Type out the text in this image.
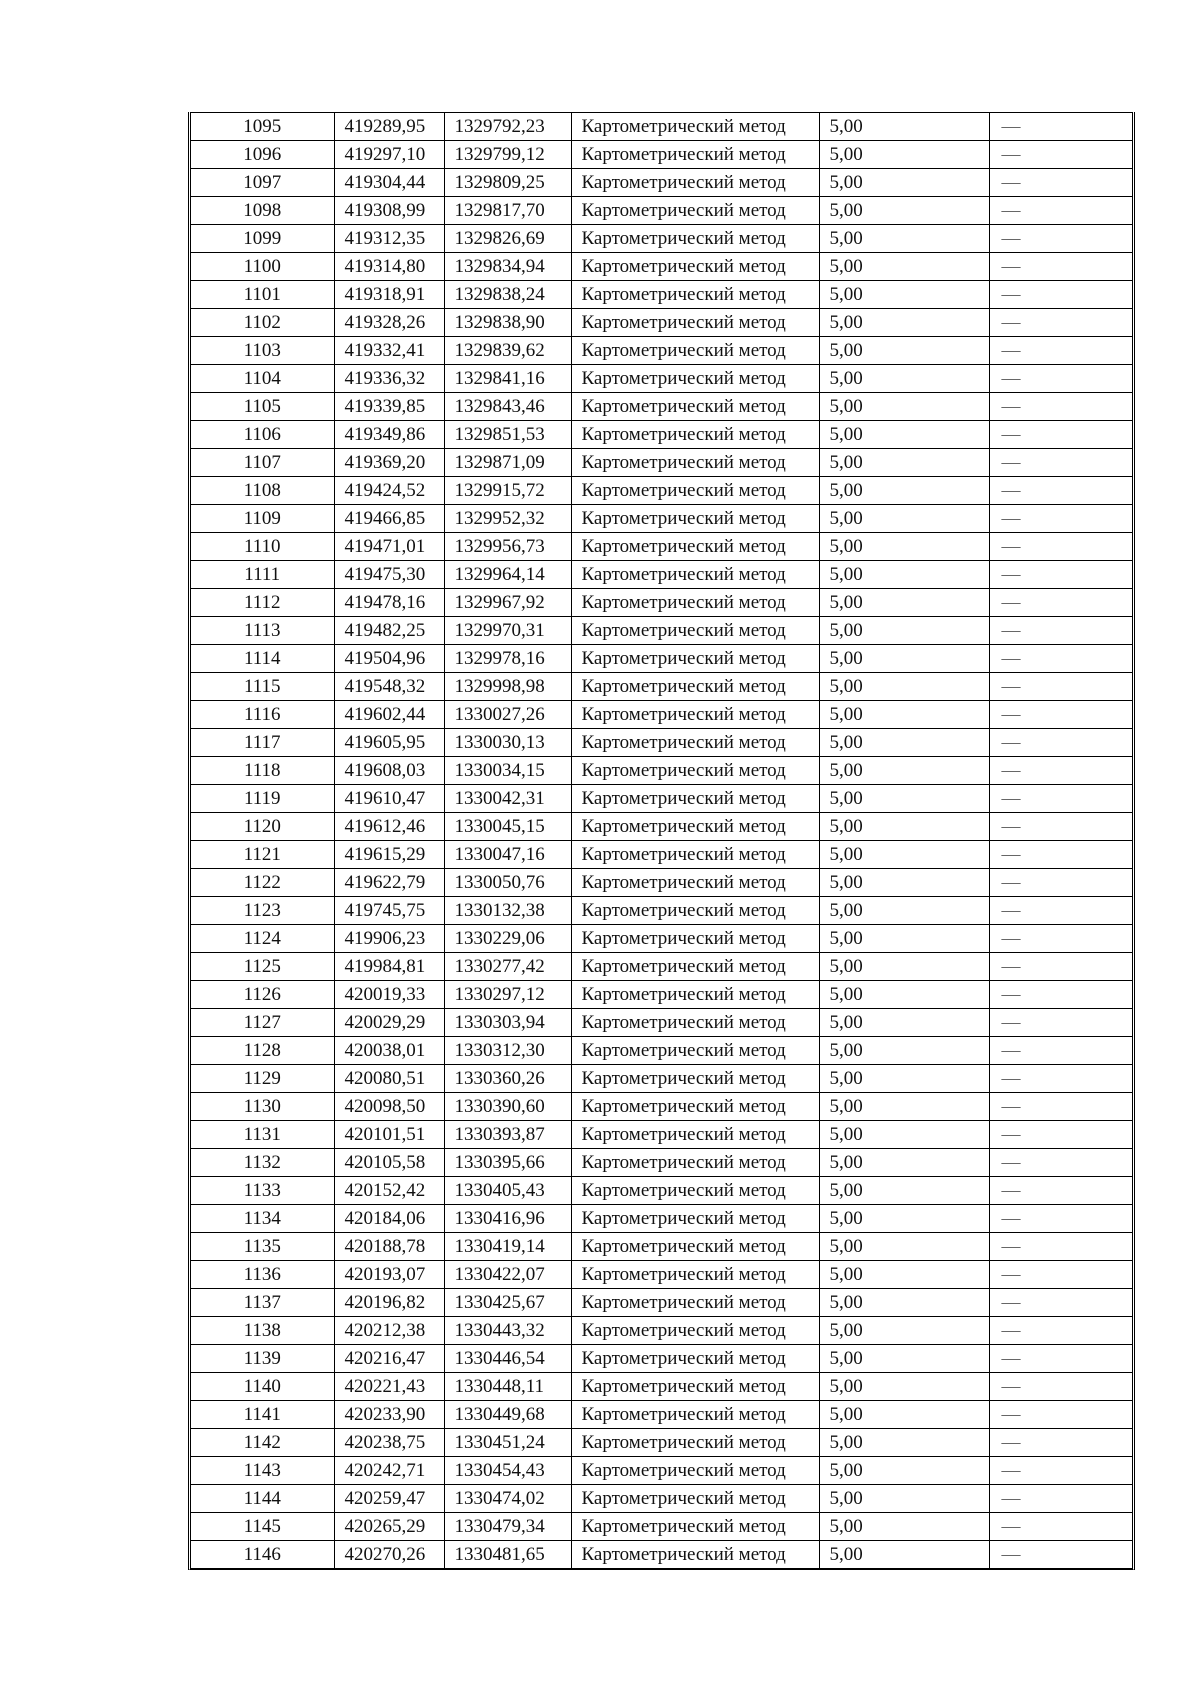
1095	419289,95	1329792,23	Картометрический метод	5,00	—
1096	419297,10	1329799,12	Картометрический метод	5,00	—
1097	419304,44	1329809,25	Картометрический метод	5,00	—
1098	419308,99	1329817,70	Картометрический метод	5,00	—
1099	419312,35	1329826,69	Картометрический метод	5,00	—
1100	419314,80	1329834,94	Картометрический метод	5,00	—
1101	419318,91	1329838,24	Картометрический метод	5,00	—
1102	419328,26	1329838,90	Картометрический метод	5,00	—
1103	419332,41	1329839,62	Картометрический метод	5,00	—
1104	419336,32	1329841,16	Картометрический метод	5,00	—
1105	419339,85	1329843,46	Картометрический метод	5,00	—
1106	419349,86	1329851,53	Картометрический метод	5,00	—
1107	419369,20	1329871,09	Картометрический метод	5,00	—
1108	419424,52	1329915,72	Картометрический метод	5,00	—
1109	419466,85	1329952,32	Картометрический метод	5,00	—
1110	419471,01	1329956,73	Картометрический метод	5,00	—
1111	419475,30	1329964,14	Картометрический метод	5,00	—
1112	419478,16	1329967,92	Картометрический метод	5,00	—
1113	419482,25	1329970,31	Картометрический метод	5,00	—
1114	419504,96	1329978,16	Картометрический метод	5,00	—
1115	419548,32	1329998,98	Картометрический метод	5,00	—
1116	419602,44	1330027,26	Картометрический метод	5,00	—
1117	419605,95	1330030,13	Картометрический метод	5,00	—
1118	419608,03	1330034,15	Картометрический метод	5,00	—
1119	419610,47	1330042,31	Картометрический метод	5,00	—
1120	419612,46	1330045,15	Картометрический метод	5,00	—
1121	419615,29	1330047,16	Картометрический метод	5,00	—
1122	419622,79	1330050,76	Картометрический метод	5,00	—
1123	419745,75	1330132,38	Картометрический метод	5,00	—
1124	419906,23	1330229,06	Картометрический метод	5,00	—
1125	419984,81	1330277,42	Картометрический метод	5,00	—
1126	420019,33	1330297,12	Картометрический метод	5,00	—
1127	420029,29	1330303,94	Картометрический метод	5,00	—
1128	420038,01	1330312,30	Картометрический метод	5,00	—
1129	420080,51	1330360,26	Картометрический метод	5,00	—
1130	420098,50	1330390,60	Картометрический метод	5,00	—
1131	420101,51	1330393,87	Картометрический метод	5,00	—
1132	420105,58	1330395,66	Картометрический метод	5,00	—
1133	420152,42	1330405,43	Картометрический метод	5,00	—
1134	420184,06	1330416,96	Картометрический метод	5,00	—
1135	420188,78	1330419,14	Картометрический метод	5,00	—
1136	420193,07	1330422,07	Картометрический метод	5,00	—
1137	420196,82	1330425,67	Картометрический метод	5,00	—
1138	420212,38	1330443,32	Картометрический метод	5,00	—
1139	420216,47	1330446,54	Картометрический метод	5,00	—
1140	420221,43	1330448,11	Картометрический метод	5,00	—
1141	420233,90	1330449,68	Картометрический метод	5,00	—
1142	420238,75	1330451,24	Картометрический метод	5,00	—
1143	420242,71	1330454,43	Картометрический метод	5,00	—
1144	420259,47	1330474,02	Картометрический метод	5,00	—
1145	420265,29	1330479,34	Картометрический метод	5,00	—
1146	420270,26	1330481,65	Картометрический метод	5,00	—
